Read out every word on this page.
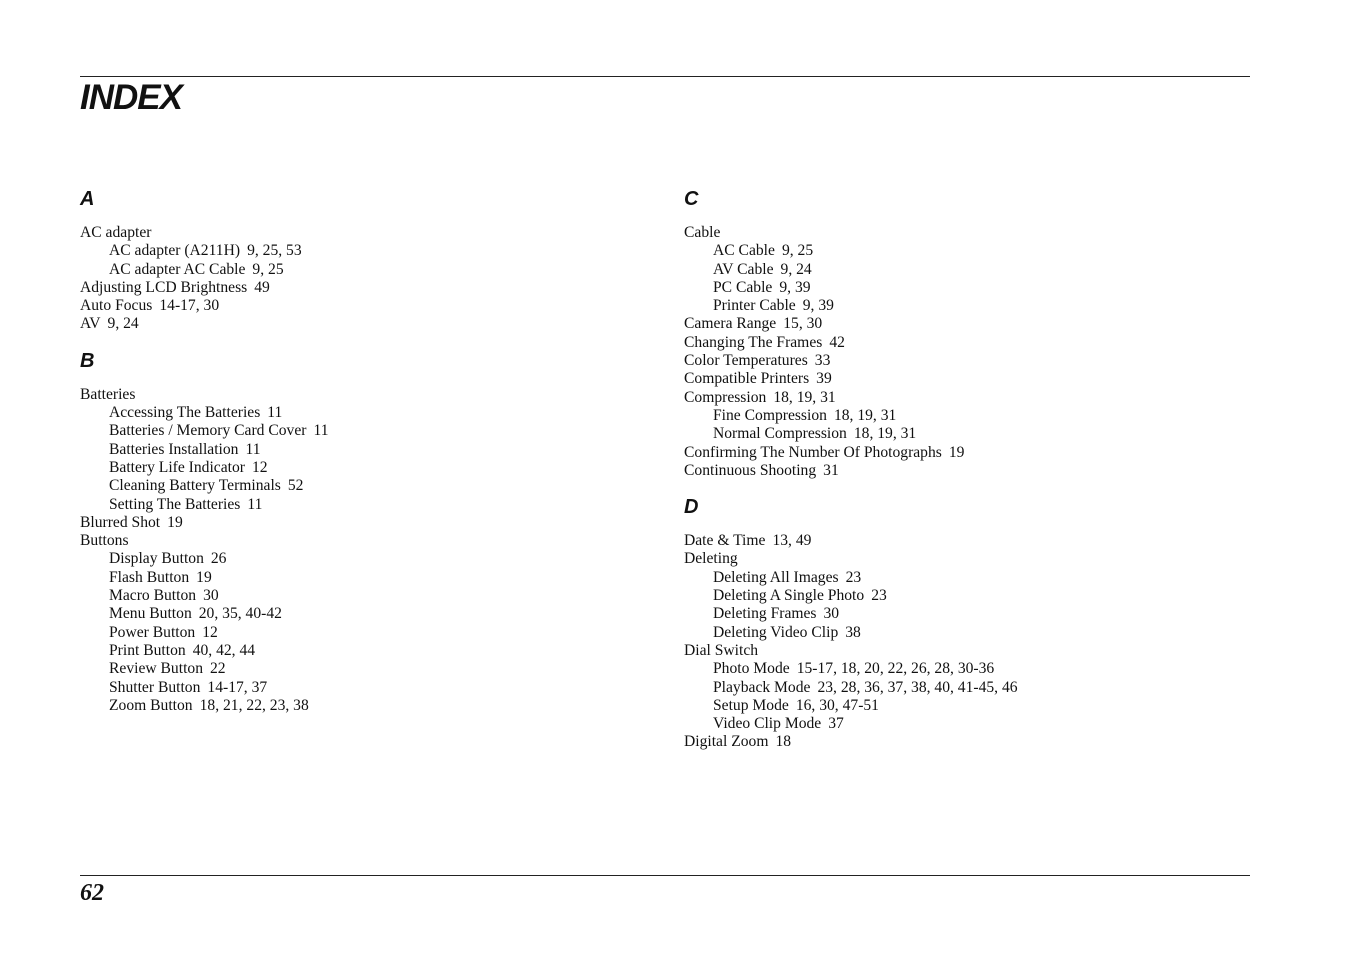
INDEX
A
AC adapter
AC adapter (A211H) 9, 25, 53
AC adapter AC Cable 9, 25
Adjusting LCD Brightness 49
Auto Focus 14-17, 30
AV 9, 24
B
Batteries
Accessing The Batteries 11
Batteries / Memory Card Cover 11
Batteries Installation 11
Battery Life Indicator 12
Cleaning Battery Terminals 52
Setting The Batteries 11
Blurred Shot 19
Buttons
Display Button 26
Flash Button 19
Macro Button 30
Menu Button 20, 35, 40-42
Power Button 12
Print Button 40, 42, 44
Review Button 22
Shutter Button 14-17, 37
Zoom Button 18, 21, 22, 23, 38
C
Cable
AC Cable 9, 25
AV Cable 9, 24
PC Cable 9, 39
Printer Cable 9, 39
Camera Range 15, 30
Changing The Frames 42
Color Temperatures 33
Compatible Printers 39
Compression 18, 19, 31
Fine Compression 18, 19, 31
Normal Compression 18, 19, 31
Confirming The Number Of Photographs 19
Continuous Shooting 31
D
Date & Time 13, 49
Deleting
Deleting All Images 23
Deleting A Single Photo 23
Deleting Frames 30
Deleting Video Clip 38
Dial Switch
Photo Mode 15-17, 18, 20, 22, 26, 28, 30-36
Playback Mode 23, 28, 36, 37, 38, 40, 41-45, 46
Setup Mode 16, 30, 47-51
Video Clip Mode 37
Digital Zoom 18
62
